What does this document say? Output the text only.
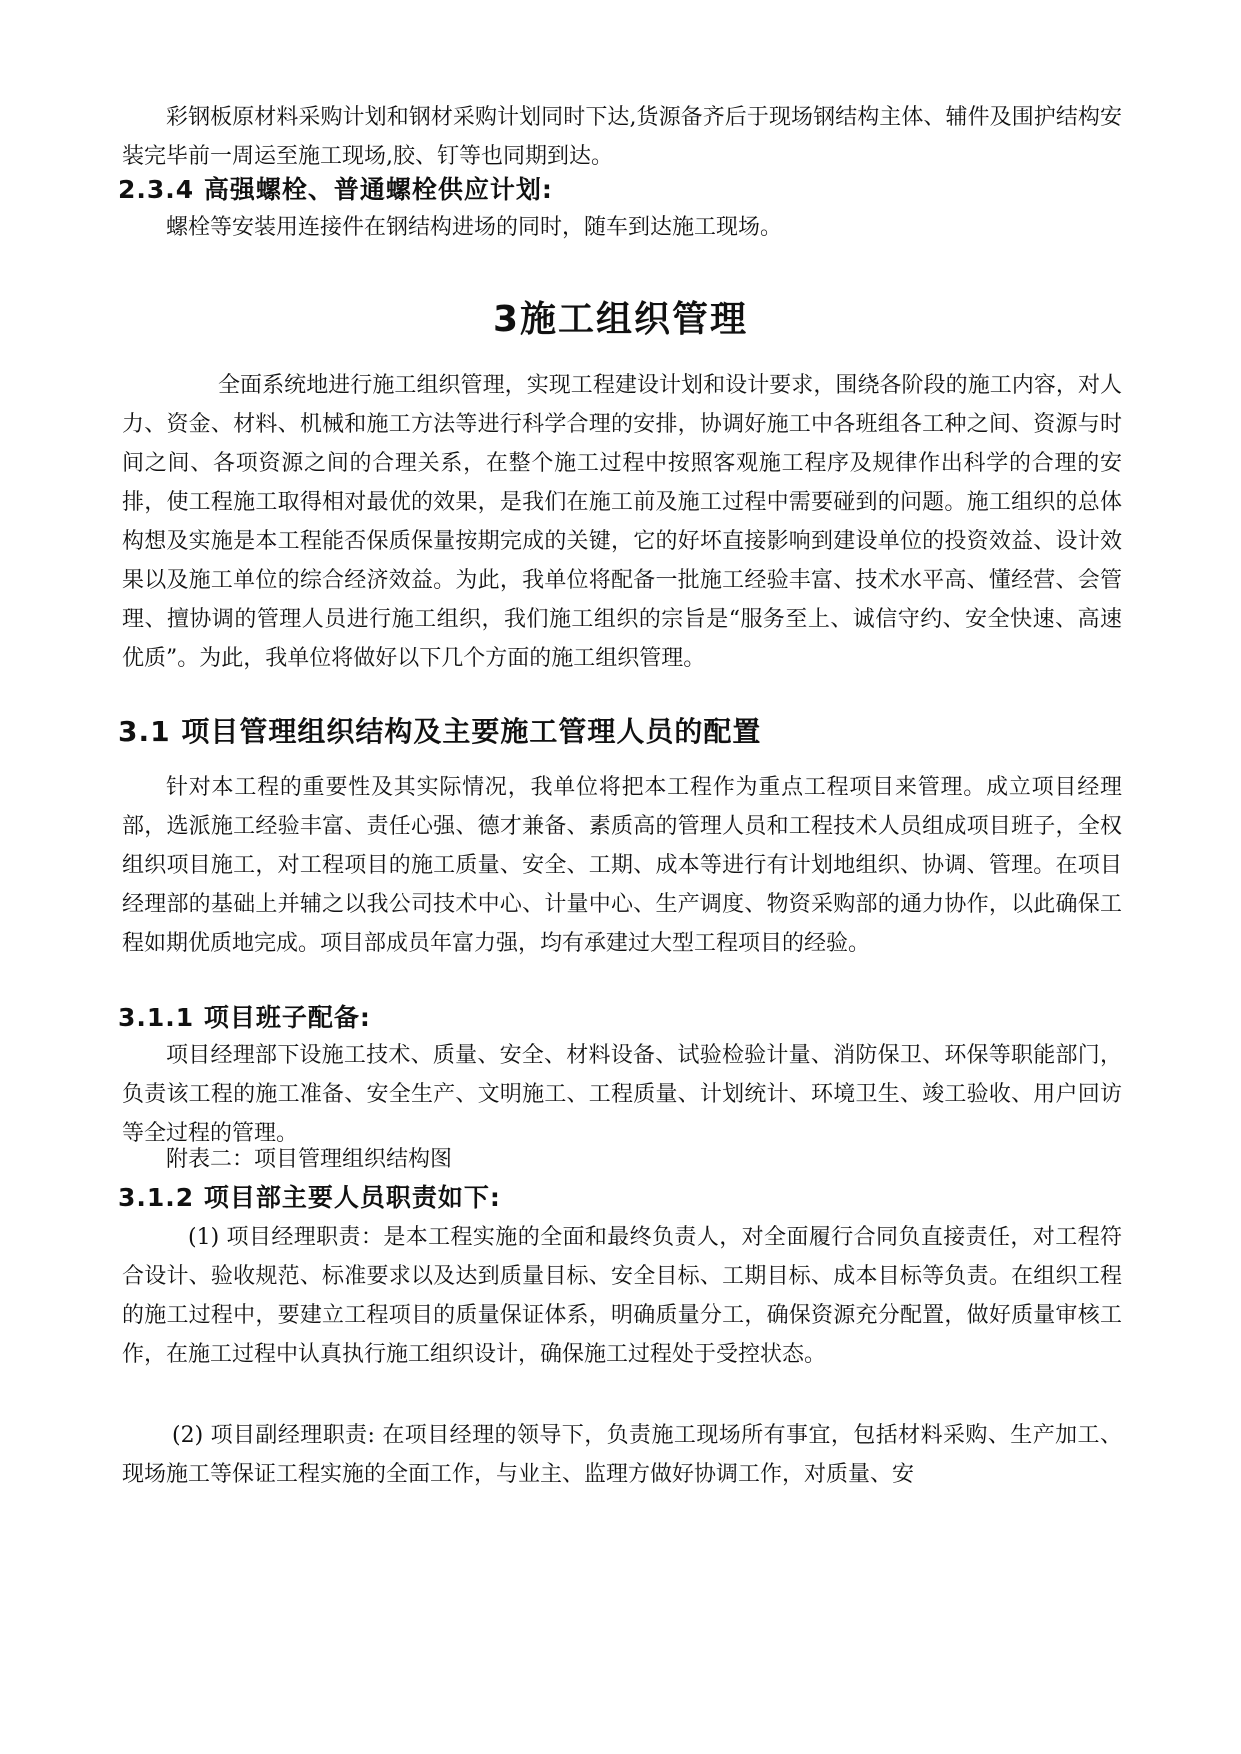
彩钢板原材料采购计划和钢材采购计划同时下达,货源备齐后于现场钢结构主体、辅件及围护结构安装完毕前一周运至施工现场,胶、钉等也同期到达。

2.3.4 高强螺栓、普通螺栓供应计划:

螺栓等安装用连接件在钢结构进场的同时，随车到达施工现场。

3施工组织管理

全面系统地进行施工组织管理，实现工程建设计划和设计要求，围绕各阶段的施工内容，对人力、资金、材料、机械和施工方法等进行科学合理的安排，协调好施工中各班组各工种之间、资源与时间之间、各项资源之间的合理关系，在整个施工过程中按照客观施工程序及规律作出科学的合理的安排，使工程施工取得相对最优的效果，是我们在施工前及施工过程中需要碰到的问题。施工组织的总体构想及实施是本工程能否保质保量按期完成的关键，它的好坏直接影响到建设单位的投资效益、设计效果以及施工单位的综合经济效益。为此，我单位将配备一批施工经验丰富、技术水平高、懂经营、会管理、擅协调的管理人员进行施工组织，我们施工组织的宗旨是“服务至上、诚信守约、安全快速、高速优质”。为此，我单位将做好以下几个方面的施工组织管理。

3.1 项目管理组织结构及主要施工管理人员的配置

针对本工程的重要性及其实际情况，我单位将把本工程作为重点工程项目来管理。成立项目经理部，选派施工经验丰富、责任心强、德才兼备、素质高的管理人员和工程技术人员组成项目班子，全权组织项目施工，对工程项目的施工质量、安全、工期、成本等进行有计划地组织、协调、管理。在项目经理部的基础上并辅之以我公司技术中心、计量中心、生产调度、物资采购部的通力协作，以此确保工程如期优质地完成。项目部成员年富力强，均有承建过大型工程项目的经验。

3.1.1 项目班子配备:

项目经理部下设施工技术、质量、安全、材料设备、试验检验计量、消防保卫、环保等职能部门，负责该工程的施工准备、安全生产、文明施工、工程质量、计划统计、环境卫生、竣工验收、用户回访等全过程的管理。

附表二：项目管理组织结构图

3.1.2 项目部主要人员职责如下:

(1) 项目经理职责：是本工程实施的全面和最终负责人，对全面履行合同负直接责任，对工程符合设计、验收规范、标准要求以及达到质量目标、安全目标、工期目标、成本目标等负责。在组织工程的施工过程中，要建立工程项目的质量保证体系，明确质量分工，确保资源充分配置，做好质量审核工作，在施工过程中认真执行施工组织设计，确保施工过程处于受控状态。

(2) 项目副经理职责: 在项目经理的领导下，负责施工现场所有事宜，包括材料采购、生产加工、现场施工等保证工程实施的全面工作，与业主、监理方做好协调工作，对质量、安
